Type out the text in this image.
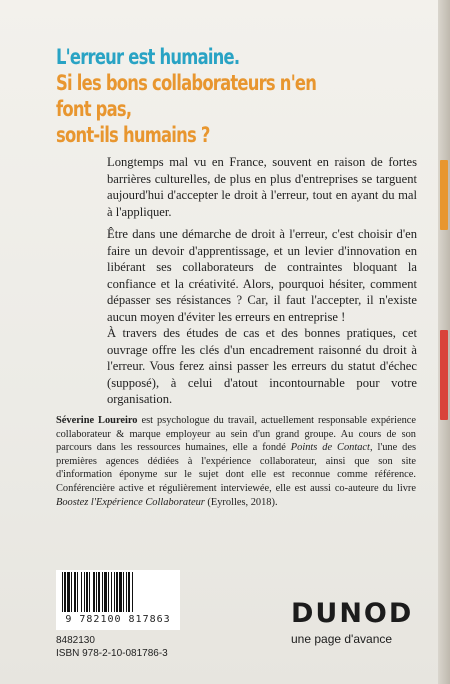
L'erreur est humaine.
Si les bons collaborateurs n'en font pas,
sont-ils humains ?

Longtemps mal vu en France, souvent en raison de fortes barrières culturelles, de plus en plus d'entreprises se targuent aujourd'hui d'accepter le droit à l'erreur, tout en ayant du mal à l'appliquer.

Être dans une démarche de droit à l'erreur, c'est choisir d'en faire un devoir d'apprentissage, et un levier d'innovation en libérant ses collaborateurs de contraintes bloquant la confiance et la créativité. Alors, pourquoi hésiter, comment dépasser ses résistances ? Car, il faut l'accepter, il n'existe aucun moyen d'éviter les erreurs en entreprise !

À travers des études de cas et des bonnes pratiques, cet ouvrage offre les clés d'un encadrement raisonné du droit à l'erreur. Vous ferez ainsi passer les erreurs du statut d'échec (supposé), à celui d'atout incontournable pour votre organisation.

Séverine Loureiro est psychologue du travail, actuellement responsable expérience collaborateur & marque employeur au sein d'un grand groupe. Au cours de son parcours dans les ressources humaines, elle a fondé Points de Contact, l'une des premières agences dédiées à l'expérience collaborateur, ainsi que son site d'information éponyme sur le sujet dont elle est reconnue comme référence. Conférencière active et régulièrement interviewée, elle est aussi co-auteure du livre Boostez l'Expérience Collaborateur (Eyrolles, 2018).

9 782100 817863
8482130
ISBN 978-2-10-081786-3
DUNOD
une page d'avance
